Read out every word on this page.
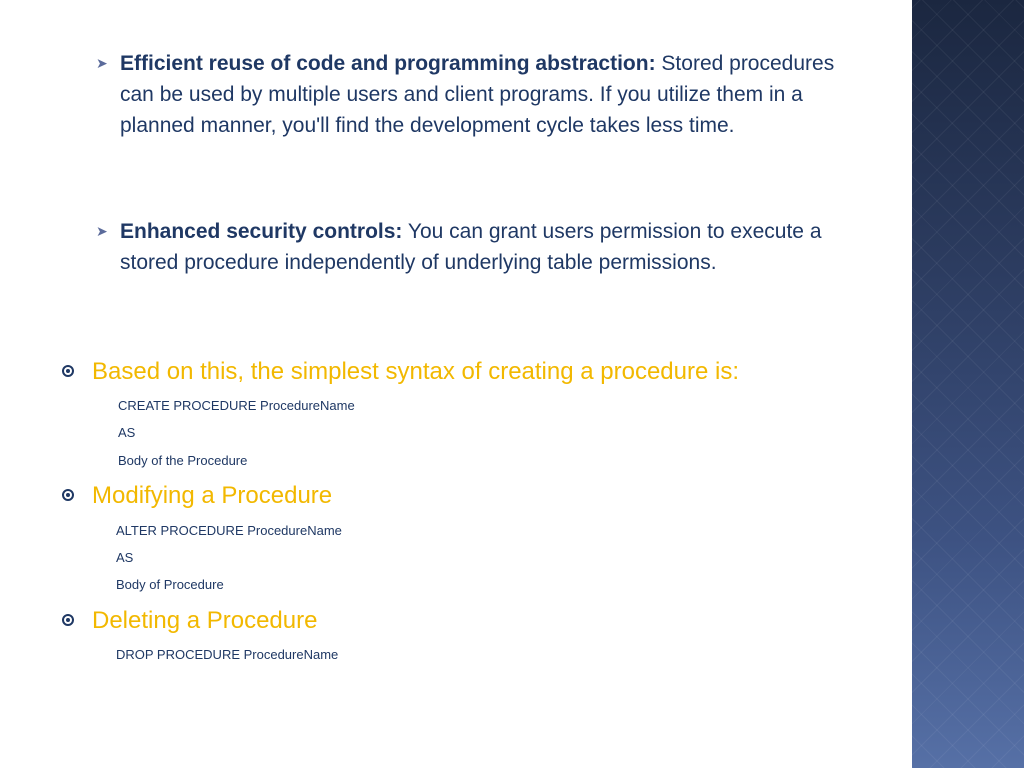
➤ Efficient reuse of code and programming abstraction: Stored procedures can be used by multiple users and client programs. If you utilize them in a planned manner, you'll find the development cycle takes less time.
➤ Enhanced security controls: You can grant users permission to execute a stored procedure independently of underlying table permissions.
Based on this, the simplest syntax of creating a procedure is:
CREATE PROCEDURE ProcedureName
AS
Body of the Procedure
Modifying a Procedure
ALTER PROCEDURE ProcedureName
AS
Body of Procedure
Deleting a Procedure
DROP PROCEDURE ProcedureName
